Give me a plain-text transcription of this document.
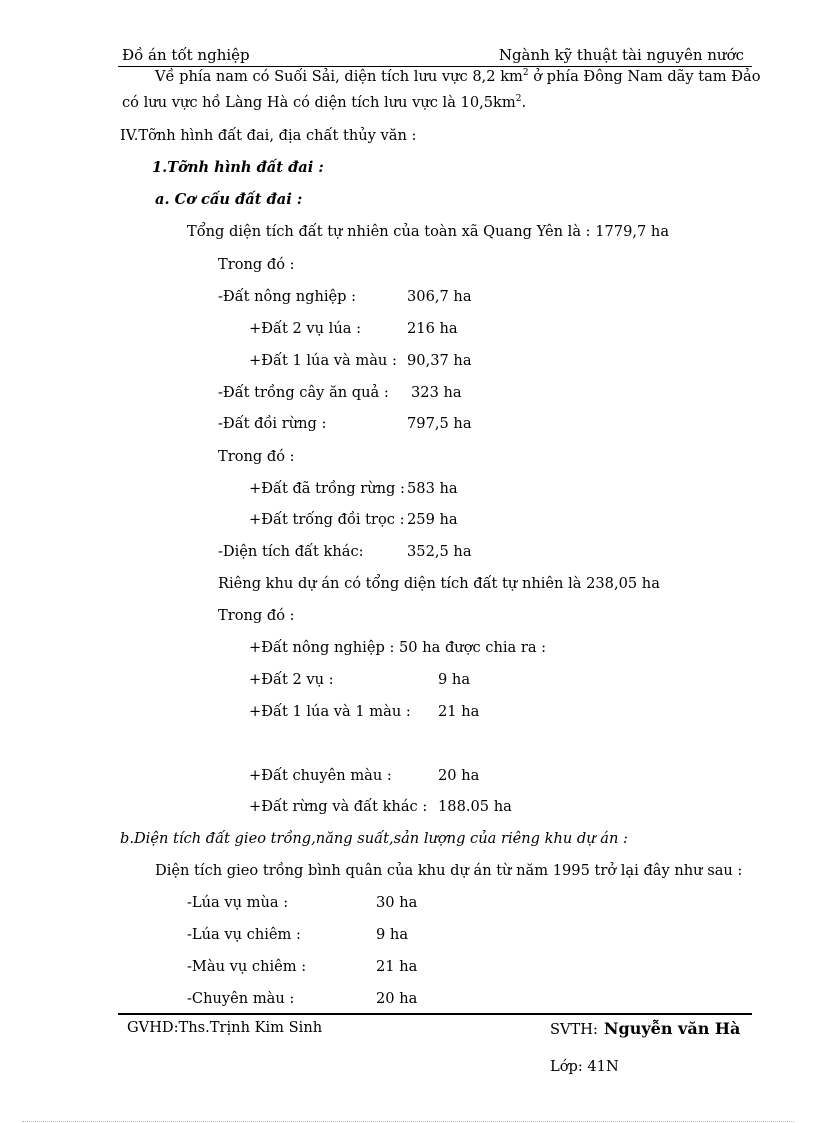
Đồ án tốt nghiệp	Ngành kỹ thuật tài nguyên nước
Về phía nam có Suối Sải, diện tích lưu vực 8,2 $km^2$ ở phía Đông Nam dãy tam Đảo
có lưu vực hồ Làng Hà có diện tích lưu vực là $10,5km^2$.
IV.Tỡnh hình đất đai, địa chất thủy văn :
1.Tỡnh hình đất đai :
a. Cơ cấu đất đai :
Tổng diện tích đất tự nhiên của toàn xã Quang Yên là : 1779,7 ha
Trong đó :
-Đất nông nghiệp :	306,7 ha
+Đất 2 vụ lúa :	216 ha
+Đất 1 lúa và màu : 90,37 ha
-Đất trồng cây ăn quả : 323 ha
-Đất đồi rừng :	797,5 ha
Trong đó :
+Đất đã trồng rừng : 583 ha
+Đất trống đồi trọc : 259 ha
-Diện tích đất khác:	352,5 ha
Riêng khu dự án có tổng diện tích đất tự nhiên là 238,05 ha
Trong đó :
+Đất nông nghiệp : 50 ha được chia ra :
+Đất 2 vụ :	9 ha
+Đất 1 lúa và 1 màu : 21 ha
+Đất chuyên màu :	20 ha
+Đất rừng và đất khác : 188.05 ha
b.Diện tích đất gieo trồng,năng suất,sản lượng của riêng khu dự án :
Diện tích gieo trồng bình quân của khu dự án từ năm 1995 trở lại đây như sau :
-Lúa vụ mùa :	30 ha
-Lúa vụ chiêm :	9 ha
-Màu vụ chiêm :	21 ha
-Chuyên màu :	20 ha
GVHD:Ths.Trịnh Kim Sinh	SVTH: Nguyễn văn Hà
Lớp: 41N
